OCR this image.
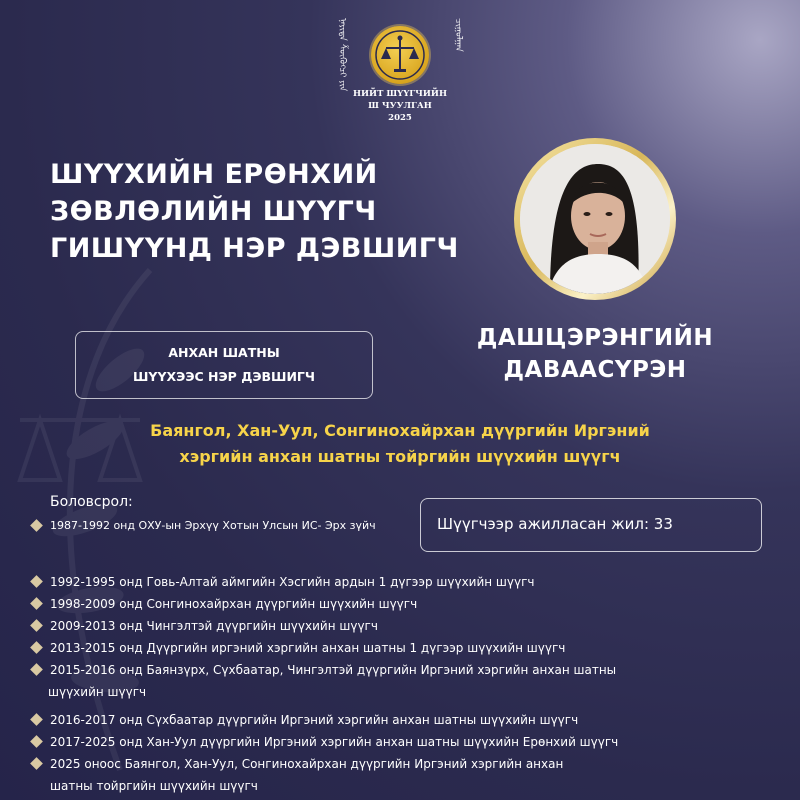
ᠨᠡᠶᠢᠲᠡ ᠱᠦᠭᠦᠭᠴᠢ ᠶᠢᠨ	ᠴᠢᠭᠤᠯᠭᠠᠨ
НИЙТ ШҮҮГЧИЙН
Ш ЧУУЛГАН
2025
ШҮҮХИЙН ЕРӨНХИЙ
ЗӨВЛӨЛИЙН ШҮҮГЧ
ГИШҮҮНД НЭР ДЭВШИГЧ
АНХАН ШАТНЫ
ШҮҮХЭЭС НЭР ДЭВШИГЧ
ДАШЦЭРЭНГИЙН
ДАВААСҮРЭН
Баянгол, Хан-Уул, Сонгинохайрхан дүүргийн Иргэний
хэргийн анхан шатны тойргийн шүүхийн шүүгч
Боловсрол:
1987-1992 онд ОХУ-ын Эрхүү Хотын Улсын ИС- Эрх зүйч	Шүүгчээр ажилласан жил: 33
1992-1995 онд Говь-Алтай аймгийн Хэсгийн ардын 1 дүгээр шүүхийн шүүгч
1998-2009 онд Сонгинохайрхан дүүргийн шүүхийн шүүгч
2009-2013 онд Чингэлтэй дүүргийн шүүхийн шүүгч
2013-2015 онд Дүүргийн иргэний хэргийн анхан шатны 1 дүгээр шүүхийн шүүгч
2015-2016 онд Баянзүрх, Сүхбаатар, Чингэлтэй дүүргийн Иргэний хэргийн анхан шатны
шүүхийн шүүгч
2016-2017 онд Сүхбаатар дүүргийн Иргэний хэргийн анхан шатны шүүхийн шүүгч
2017-2025 онд Хан-Уул дүүргийн Иргэний хэргийн анхан шатны шүүхийн Ерөнхий шүүгч
2025 оноос Баянгол, Хан-Уул, Сонгинохайрхан дүүргийн Иргэний хэргийн анхан
шатны тойргийн шүүхийн шүүгч
